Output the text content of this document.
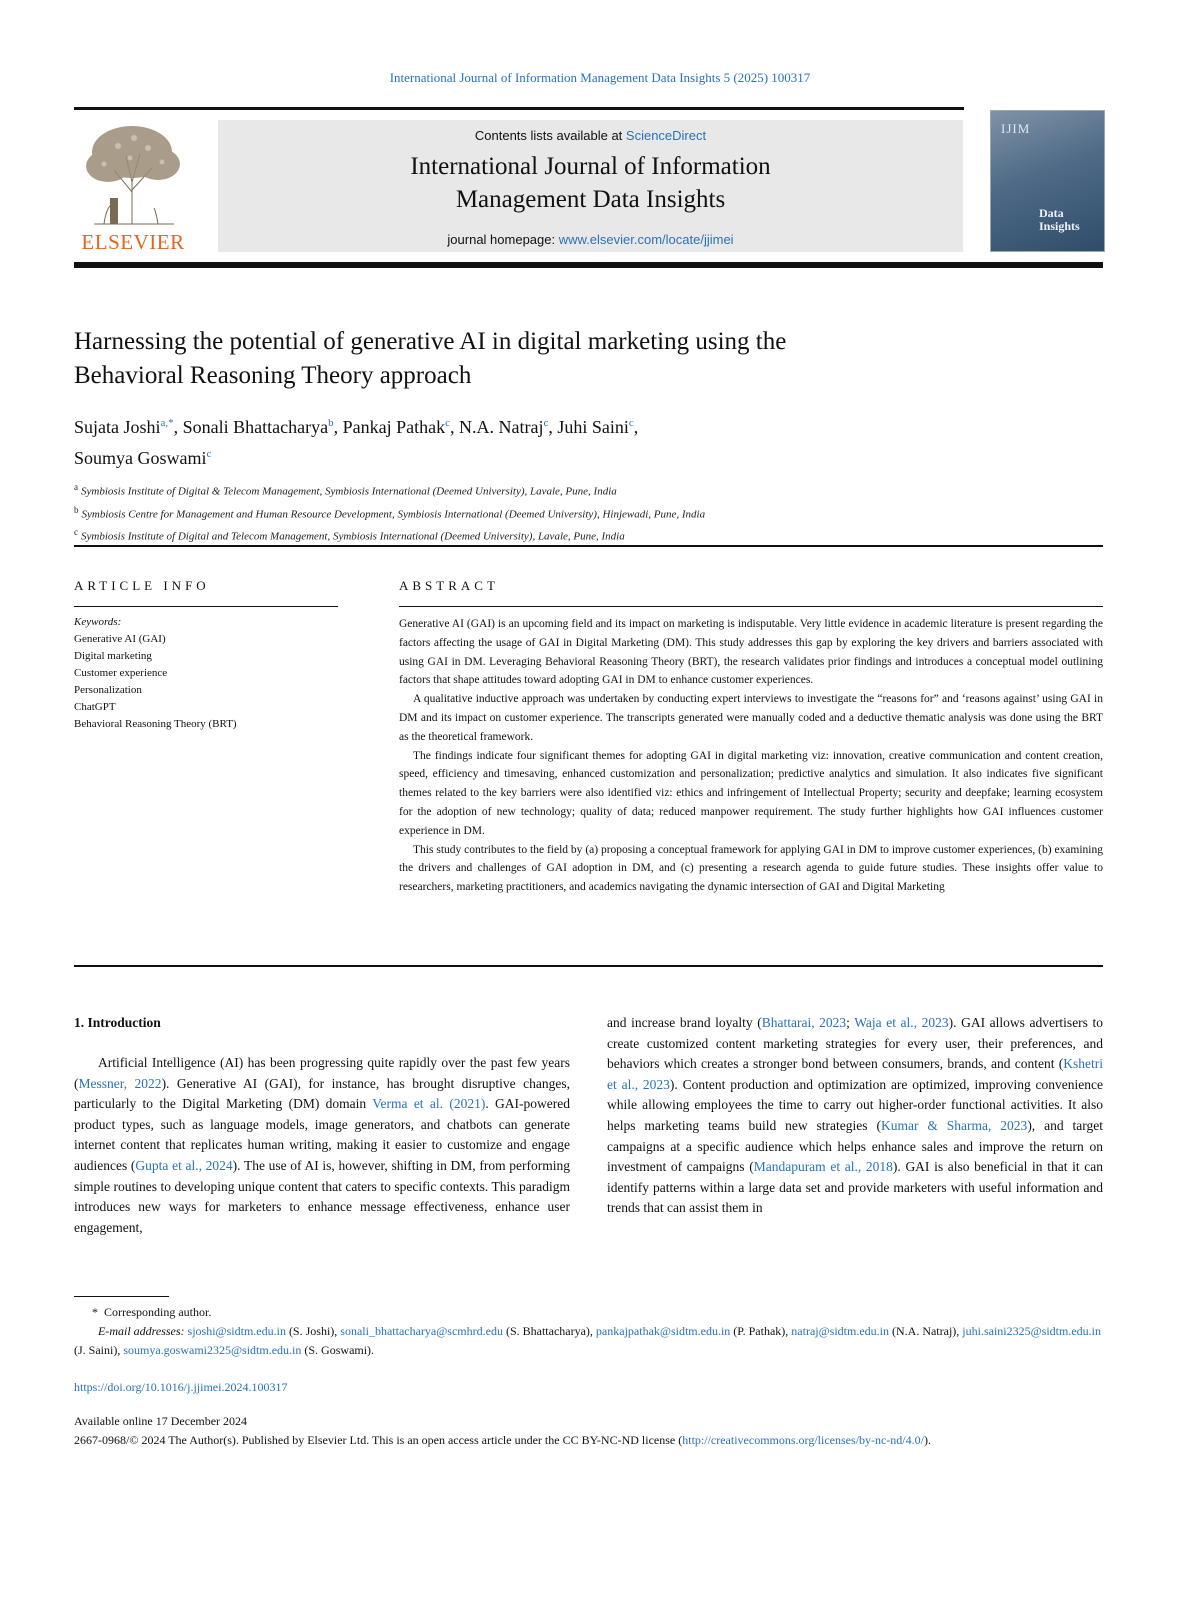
International Journal of Information Management Data Insights 5 (2025) 100317
ELSEVIER
Contents lists available at ScienceDirect
International Journal of Information
Management Data Insights
journal homepage: www.elsevier.com/locate/jjimei
IJIM
Data
Insights
Harnessing the potential of generative AI in digital marketing using the
Behavioral Reasoning Theory approach
Sujata Joshi$^{a,*}$, Sonali Bhattacharya$^b$, Pankaj Pathak$^c$, N.A. Natraj$^c$, Juhi Saini$^c$,
Soumya Goswami$^c$
$^a$ Symbiosis Institute of Digital & Telecom Management, Symbiosis International (Deemed University), Lavale, Pune, India
$^b$ Symbiosis Centre for Management and Human Resource Development, Symbiosis International (Deemed University), Hinjewadi, Pune, India
$^c$ Symbiosis Institute of Digital and Telecom Management, Symbiosis International (Deemed University), Lavale, Pune, India
ARTICLE INFO	ABSTRACT
Keywords:
Generative AI (GAI)
Digital marketing
Customer experience
Personalization
ChatGPT
Behavioral Reasoning Theory (BRT)

Generative AI (GAI) is an upcoming field and its impact on marketing is indisputable. Very little evidence in academic literature is present regarding the factors affecting the usage of GAI in Digital Marketing (DM). This study addresses this gap by exploring the key drivers and barriers associated with using GAI in DM. Leveraging Behavioral Reasoning Theory (BRT), the research validates prior findings and introduces a conceptual model outlining factors that shape attitudes toward adopting GAI in DM to enhance customer experiences.

A qualitative inductive approach was undertaken by conducting expert interviews to investigate the “reasons for” and ‘reasons against’ using GAI in DM and its impact on customer experience. The transcripts generated were manually coded and a deductive thematic analysis was done using the BRT as the theoretical framework.

The findings indicate four significant themes for adopting GAI in digital marketing viz: innovation, creative communication and content creation, speed, efficiency and timesaving, enhanced customization and personalization; predictive analytics and simulation. It also indicates five significant themes related to the key barriers were also identified viz: ethics and infringement of Intellectual Property; security and deepfake; learning ecosystem for the adoption of new technology; quality of data; reduced manpower requirement. The study further highlights how GAI influences customer experience in DM.

This study contributes to the field by (a) proposing a conceptual framework for applying GAI in DM to improve customer experiences, (b) examining the drivers and challenges of GAI adoption in DM, and (c) presenting a research agenda to guide future studies. These insights offer value to researchers, marketing practitioners, and academics navigating the dynamic intersection of GAI and Digital Marketing

1. Introduction

Artificial Intelligence (AI) has been progressing quite rapidly over the past few years (Messner, 2022). Generative AI (GAI), for instance, has brought disruptive changes, particularly to the Digital Marketing (DM) domain Verma et al. (2021). GAI-powered product types, such as language models, image generators, and chatbots can generate internet content that replicates human writing, making it easier to customize and engage audiences (Gupta et al., 2024). The use of AI is, however, shifting in DM, from performing simple routines to developing unique content that caters to specific contexts. This paradigm introduces new ways for marketers to enhance message effectiveness, enhance user engagement,

and increase brand loyalty (Bhattarai, 2023; Waja et al., 2023). GAI allows advertisers to create customized content marketing strategies for every user, their preferences, and behaviors which creates a stronger bond between consumers, brands, and content (Kshetri et al., 2023). Content production and optimization are optimized, improving convenience while allowing employees the time to carry out higher-order functional activities. It also helps marketing teams build new strategies (Kumar & Sharma, 2023), and target campaigns at a specific audience which helps enhance sales and improve the return on investment of campaigns (Mandapuram et al., 2018). GAI is also beneficial in that it can identify patterns within a large data set and provide marketers with useful information and trends that can assist them in

* Corresponding author.
E-mail addresses: sjoshi@sidtm.edu.in (S. Joshi), sonali_bhattacharya@scmhrd.edu (S. Bhattacharya), pankajpathak@sidtm.edu.in (P. Pathak), natraj@sidtm.edu.in (N.A. Natraj), juhi.saini2325@sidtm.edu.in (J. Saini), soumya.goswami2325@sidtm.edu.in (S. Goswami).
https://doi.org/10.1016/j.jjimei.2024.100317
Available online 17 December 2024
2667-0968/© 2024 The Author(s). Published by Elsevier Ltd. This is an open access article under the CC BY-NC-ND license (http://creativecommons.org/licenses/by-nc-nd/4.0/).
